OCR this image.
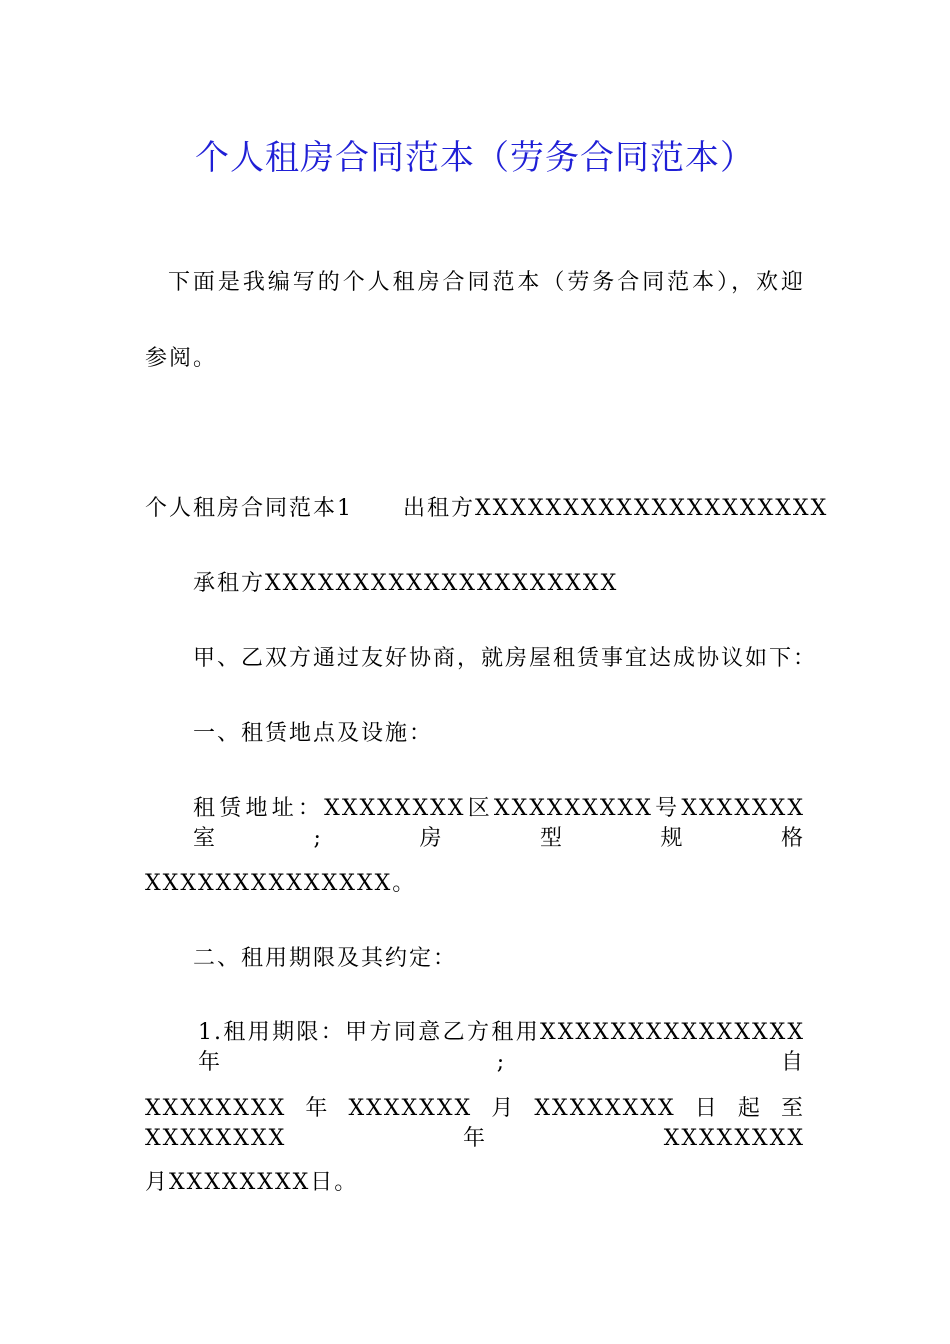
个人租房合同范本（劳务合同范本）
下面是我编写的个人租房合同范本（劳务合同范本），欢迎
参阅。
个人租房合同范本1 出租方XXXXXXXXXXXXXXXXXXXX
承租方XXXXXXXXXXXXXXXXXXXX
甲、乙双方通过友好协商，就房屋租赁事宜达成协议如下：
一、租赁地点及设施：
租赁地址：XXXXXXXX区XXXXXXXXX号XXXXXXX室;房型规格
XXXXXXXXXXXXXX。
二、租用期限及其约定：
1.租用期限：甲方同意乙方租用XXXXXXXXXXXXXXX年;自
XXXXXXXX年XXXXXXX月XXXXXXXX日起至XXXXXXXX年XXXXXXXX
月XXXXXXXX日。
